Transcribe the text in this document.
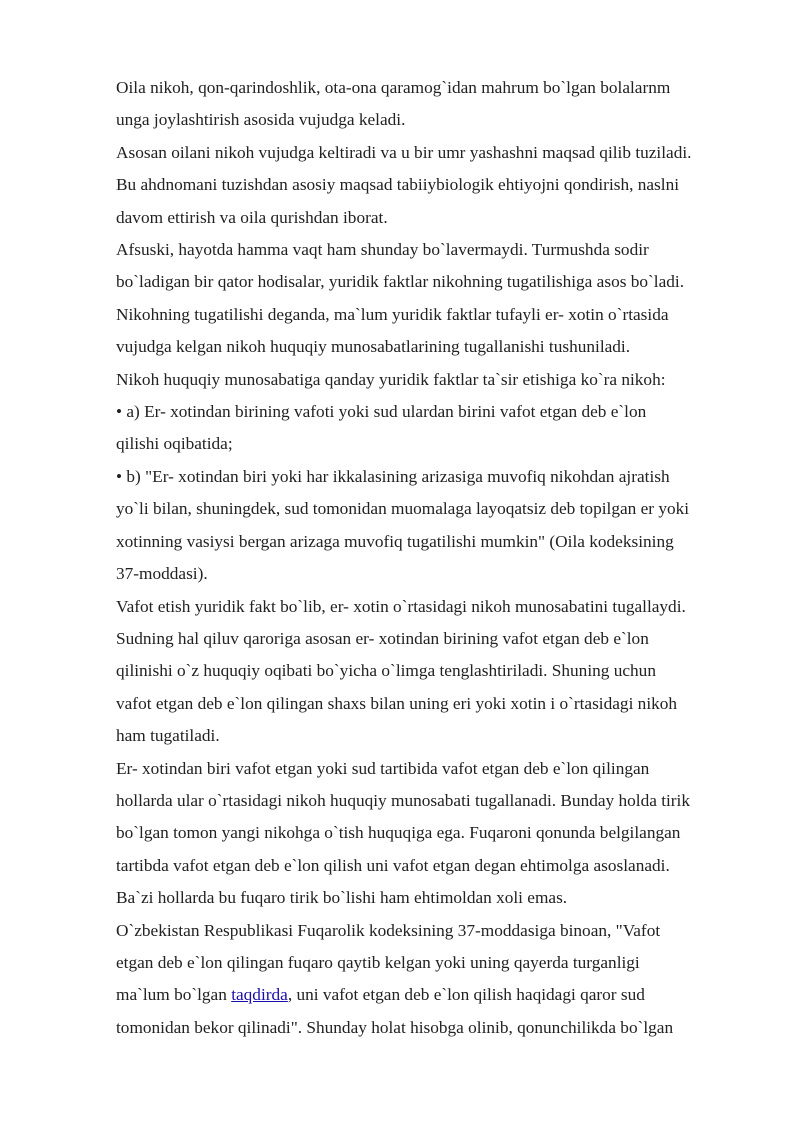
Oila nikoh, qon-qarindoshlik, ota-ona qaramog`idan mahrum bo`lgan bolalarnm

unga joylashtirish asosida vujudga keladi.

Asosan oilani nikoh vujudga keltiradi va u bir umr yashashni maqsad qilib tuziladi.

Bu ahdnomani tuzishdan asosiy maqsad tabiiybiologik ehtiyojni qondirish, naslni

davom ettirish va oila qurishdan iborat.

Afsuski, hayotda hamma vaqt ham shunday bo`lavermaydi. Turmushda sodir

bo`ladigan bir qator hodisalar, yuridik faktlar nikohning tugatilishiga asos bo`ladi.

Nikohning tugatilishi deganda, ma`lum yuridik faktlar tufayli er- xotin o`rtasida

vujudga kelgan nikoh huquqiy munosabatlarining tugallanishi tushuniladi.

Nikoh huquqiy munosabatiga qanday yuridik faktlar ta`sir etishiga ko`ra nikoh:

• a) Er- xotindan birining vafoti yoki sud ulardan birini vafot etgan deb e`lon

qilishi oqibatida;

• b) "Er- xotindan biri yoki har ikkalasining arizasiga muvofiq nikohdan ajratish

yo`li bilan, shuningdek, sud tomonidan muomalaga layoqatsiz deb topilgan er yoki

xotinning vasiysi bergan arizaga muvofiq tugatilishi mumkin" (Oila kodeksining

37-moddasi).

Vafot etish yuridik fakt bo`lib, er- xotin o`rtasidagi nikoh munosabatini tugallaydi.

Sudning hal qiluv qaroriga asosan er- xotindan birining vafot etgan deb e`lon

qilinishi o`z huquqiy oqibati bo`yicha o`limga tenglashtiriladi. Shuning uchun

vafot etgan deb e`lon qilingan shaxs bilan uning eri yoki xotin i o`rtasidagi nikoh

ham tugatiladi.

Er- xotindan biri vafot etgan yoki sud tartibida vafot etgan deb e`lon qilingan

hollarda ular o`rtasidagi nikoh huquqiy munosabati tugallanadi. Bunday holda tirik

bo`lgan tomon yangi nikohga o`tish huquqiga ega. Fuqaroni qonunda belgilangan

tartibda vafot etgan deb e`lon qilish uni vafot etgan degan ehtimolga asoslanadi.

Ba`zi hollarda bu fuqaro tirik bo`lishi ham ehtimoldan xoli emas.

O`zbekistan Respublikasi Fuqarolik kodeksining 37-moddasiga binoan, "Vafot

etgan deb e`lon qilingan fuqaro qaytib kelgan yoki uning qayerda turganligi

ma`lum bo`lgan taqdirda, uni vafot etgan deb e`lon qilish haqidagi qaror sud

tomonidan bekor qilinadi". Shunday holat hisobga olinib, qonunchilikda bo`lgan
